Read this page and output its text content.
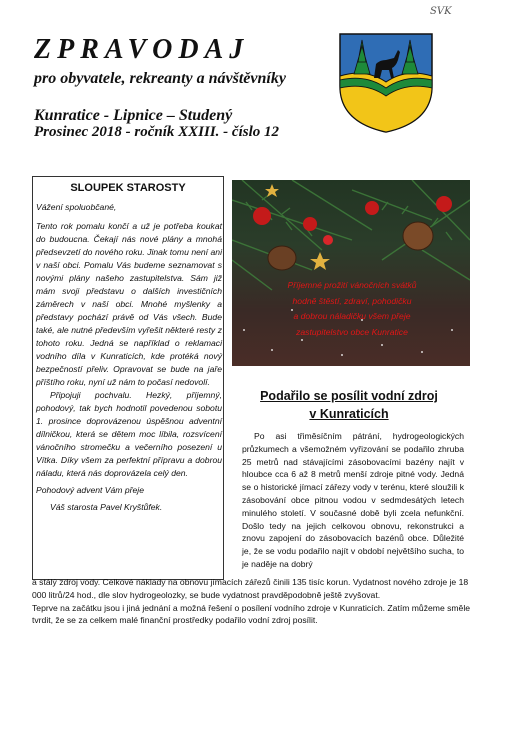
SVK
ZPRAVODAJ
pro obyvatele, rekreanty a návštěvníky
Kunratice - Lipnice – Studený
Prosinec 2018 - ročník XXIII. - číslo 12
SLOUPEK STAROSTY

Vážení spoluobčané,

Tento rok pomalu končí a už je potřeba koukat do budoucna. Čekají nás nové plány a mnohá předsevzetí do nového roku. Jinak tomu není ani v naší obci. Pomalu Vás budeme seznamovat s novými plány našeho zastupitelstva. Sám již mám svoji představu o dalších investičních záměrech v naší obci. Mnohé myšlenky a představy pochází právě od Vás všech. Bude také, ale nutné především vyřešit některé resty z tohoto roku. Jedná se například o reklamaci vodního díla v Kunraticích, kde protéká nový bezpečností přeliv. Opravovat se bude na jaře příštího roku, nyní už nám to počasí nedovolí.

Připojuji pochvalu. Hezký, příjemný, pohodový, tak bych hodnotil povedenou sobotu 1. prosince doprovázenou úspěšnou adventní dílničkou, která se dětem moc líbila, rozsvícení vánočního stromečku a večerního posezení u Vítka. Díky všem za perfektní přípravu a dobrou náladu, která nás doprovázela celý den.

Pohodový advent Vám přeje

Váš starosta Pavel Kryštůfek.

Příjemné prožití vánočních svátků
hodně štěstí, zdraví, pohodičku
a dobrou náladičku všem přeje
zastupitelstvo obce Kunratice
Podařilo se posílit vodní zdroj
v Kunraticích
Po asi třiměsíčním pátrání, hydrogeologických průzkumech a všemožném vyřizování se podařilo zhruba 25 metrů nad stávajícími zásobovacími bazény najít v hloubce cca 6 až 8 metrů menší zdroje pitné vody. Jedná se o historické jímací zářezy vody v terénu, které sloužili k zásobování obce pitnou vodou v sedmdesátých letech minulého století. V současné době byli zcela nefunkční. Došlo tedy na jejich celkovou obnovu, rekonstrukci a znovu zapojení do zásobovacích bazénů obce. Důležité je, že se vodu podařilo najít v období největšího sucha, to je naděje na dobrý

a stálý zdroj vody. Celkové náklady na obnovu jímacích zářezů činili 135 tisíc korun. Vydatnost nového zdroje je 18 000 litrů/24 hod., dle slov hydrogeolozky, se bude vydatnost pravděpodobně ještě zvyšovat.

Teprve na začátku jsou i jiná jednání a možná řešení o posílení vodního zdroje v Kunraticích. Zatím můžeme směle tvrdit, že se za celkem malé finanční prostředky podařilo vodní zdroj posílit.
